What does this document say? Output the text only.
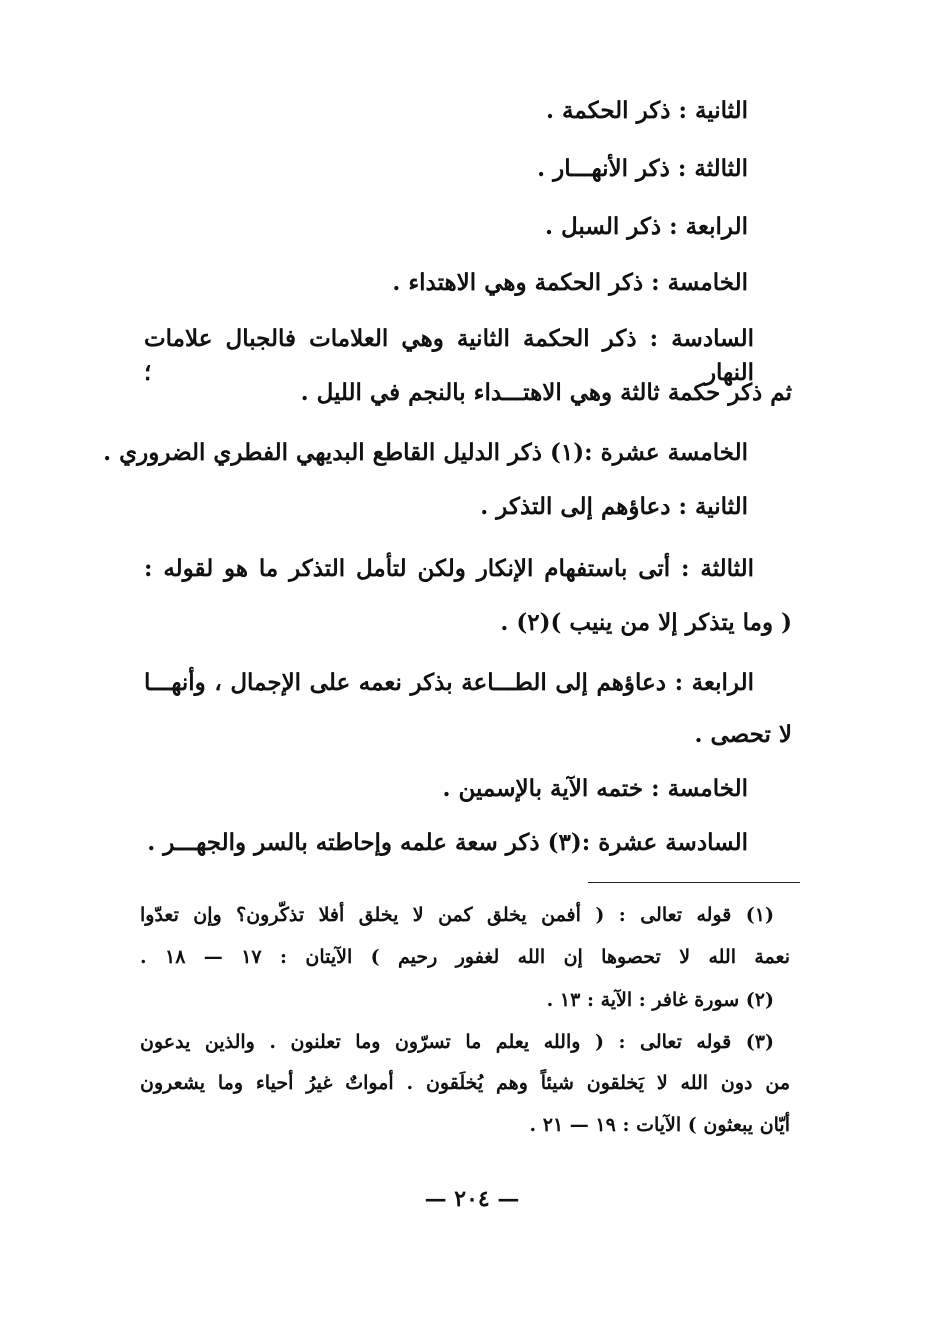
الثانية : ذكر الحكمة .
الثالثة : ذكر الأنهـــار .
الرابعة : ذكر السبل .
الخامسة : ذكر الحكمة وهي الاهتداء .
السادسة : ذكر الحكمة الثانية وهي العلامات فالجبال علامات النهار ؛
ثم ذكر حكمة ثالثة وهي الاهتـــداء بالنجم في الليل .
الخامسة عشرة :(١) ذكر الدليل القاطع البديهي الفطري الضروري .
الثانية : دعاؤهم إلى التذكر .
الثالثة : أتى باستفهام الإنكار ولكن لتأمل التذكر ما هو لقوله :
( وما يتذكر إلا من ينيب )(٢) .
الرابعة : دعاؤهم إلى الطـــاعة بذكر نعمه على الإجمال ، وأنهـــا
لا تحصى .
الخامسة : ختمه الآية بالإسمين .
السادسة عشرة :(٣) ذكر سعة علمه وإحاطته بالسر والجهـــر .
(١) قوله تعالى : ( أفمن يخلق كمن لا يخلق أفلا تذكّرون؟ وإن تعدّوا
نعمة الله لا تحصوها إن الله لغفور رحيم ) الآيتان : ١٧ — ١٨ .
(٢) سورة غافر : الآية : ١٣ .
(٣) قوله تعالى : ( والله يعلم ما تسرّون وما تعلنون . والذين يدعون
من دون الله لا يَخلقون شيئاً وهم يُخلَقون . أمواتٌ غيرُ أحياء وما يشعرون
أيّان يبعثون ) الآيات : ١٩ — ٢١ .
— ٢٠٤ —
